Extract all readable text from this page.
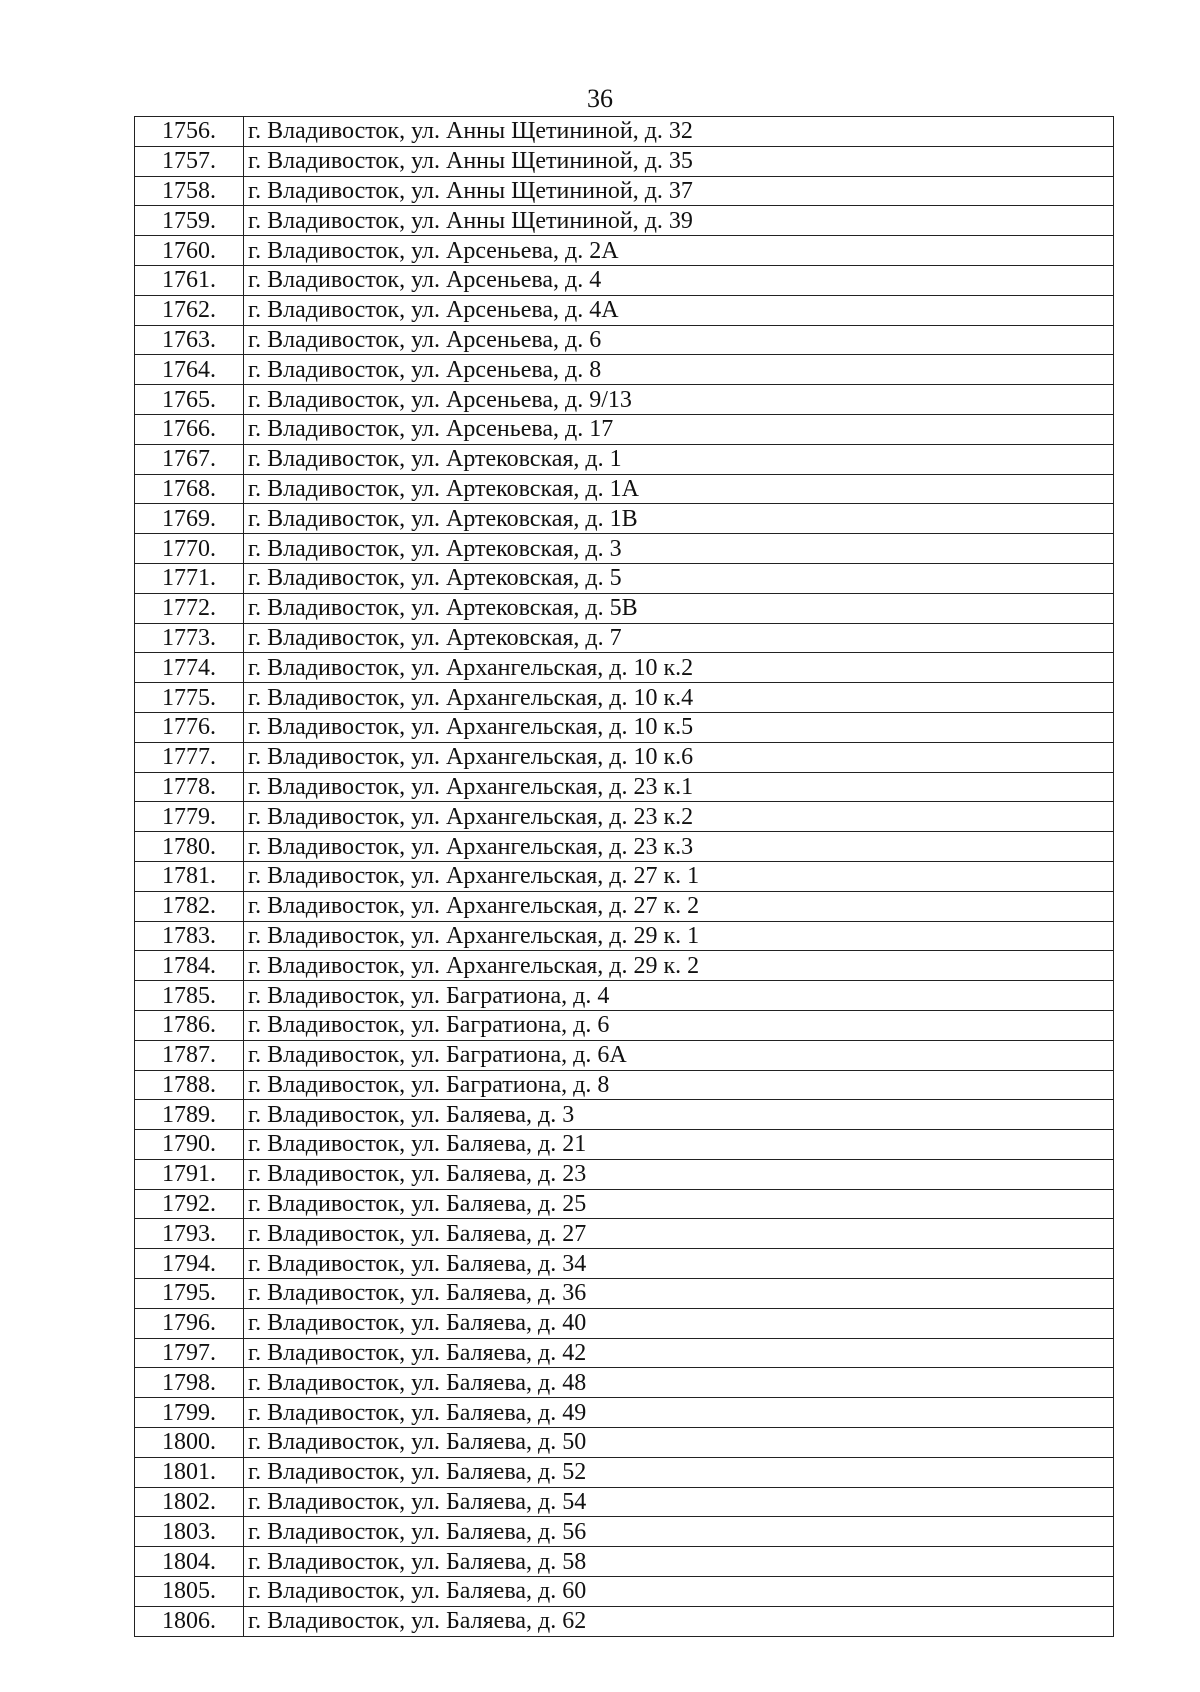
36
1756.	г. Владивосток, ул. Анны Щетининой, д. 32
1757.	г. Владивосток, ул. Анны Щетининой, д. 35
1758.	г. Владивосток, ул. Анны Щетининой, д. 37
1759.	г. Владивосток, ул. Анны Щетининой, д. 39
1760.	г. Владивосток, ул. Арсеньева, д. 2А
1761.	г. Владивосток, ул. Арсеньева, д. 4
1762.	г. Владивосток, ул. Арсеньева, д. 4А
1763.	г. Владивосток, ул. Арсеньева, д. 6
1764.	г. Владивосток, ул. Арсеньева, д. 8
1765.	г. Владивосток, ул. Арсеньева, д. 9/13
1766.	г. Владивосток, ул. Арсеньева, д. 17
1767.	г. Владивосток, ул. Артековская, д. 1
1768.	г. Владивосток, ул. Артековская, д. 1А
1769.	г. Владивосток, ул. Артековская, д. 1В
1770.	г. Владивосток, ул. Артековская, д. 3
1771.	г. Владивосток, ул. Артековская, д. 5
1772.	г. Владивосток, ул. Артековская, д. 5В
1773.	г. Владивосток, ул. Артековская, д. 7
1774.	г. Владивосток, ул. Архангельская, д. 10 к.2
1775.	г. Владивосток, ул. Архангельская, д. 10 к.4
1776.	г. Владивосток, ул. Архангельская, д. 10 к.5
1777.	г. Владивосток, ул. Архангельская, д. 10 к.6
1778.	г. Владивосток, ул. Архангельская, д. 23 к.1
1779.	г. Владивосток, ул. Архангельская, д. 23 к.2
1780.	г. Владивосток, ул. Архангельская, д. 23 к.3
1781.	г. Владивосток, ул. Архангельская, д. 27 к. 1
1782.	г. Владивосток, ул. Архангельская, д. 27 к. 2
1783.	г. Владивосток, ул. Архангельская, д. 29 к. 1
1784.	г. Владивосток, ул. Архангельская, д. 29 к. 2
1785.	г. Владивосток, ул. Багратиона, д. 4
1786.	г. Владивосток, ул. Багратиона, д. 6
1787.	г. Владивосток, ул. Багратиона, д. 6А
1788.	г. Владивосток, ул. Багратиона, д. 8
1789.	г. Владивосток, ул. Баляева, д. 3
1790.	г. Владивосток, ул. Баляева, д. 21
1791.	г. Владивосток, ул. Баляева, д. 23
1792.	г. Владивосток, ул. Баляева, д. 25
1793.	г. Владивосток, ул. Баляева, д. 27
1794.	г. Владивосток, ул. Баляева, д. 34
1795.	г. Владивосток, ул. Баляева, д. 36
1796.	г. Владивосток, ул. Баляева, д. 40
1797.	г. Владивосток, ул. Баляева, д. 42
1798.	г. Владивосток, ул. Баляева, д. 48
1799.	г. Владивосток, ул. Баляева, д. 49
1800.	г. Владивосток, ул. Баляева, д. 50
1801.	г. Владивосток, ул. Баляева, д. 52
1802.	г. Владивосток, ул. Баляева, д. 54
1803.	г. Владивосток, ул. Баляева, д. 56
1804.	г. Владивосток, ул. Баляева, д. 58
1805.	г. Владивосток, ул. Баляева, д. 60
1806.	г. Владивосток, ул. Баляева, д. 62
